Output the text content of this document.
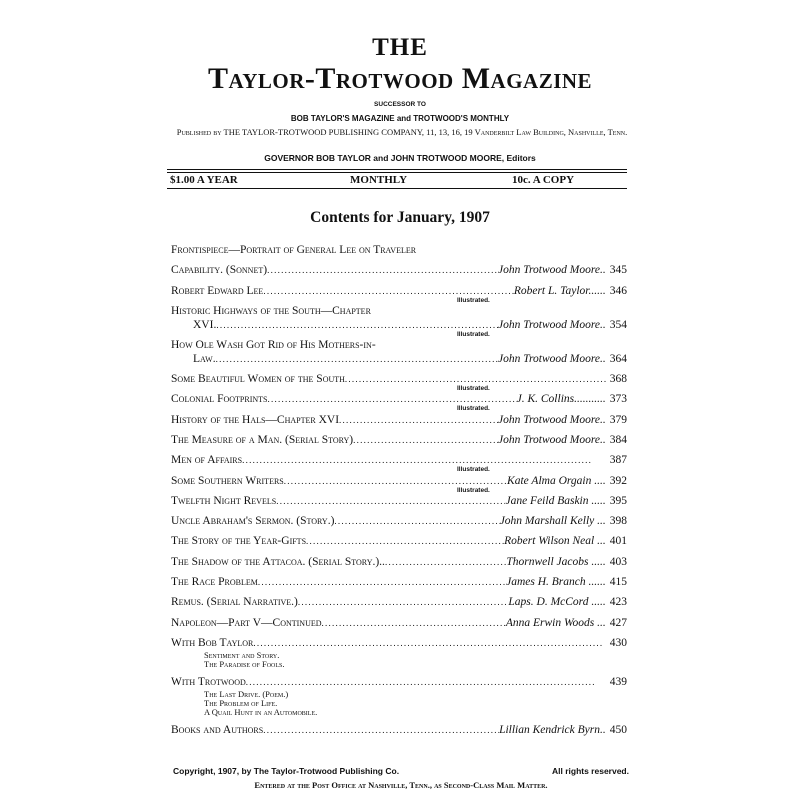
THE
Taylor-Trotwood Magazine
SUCCESSOR TO
BOB TAYLOR'S MAGAZINE and TROTWOOD'S MONTHLY
Published by THE TAYLOR-TROTWOOD PUBLISHING COMPANY, 11, 13, 16, 19 Vanderbilt Law Building, Nashville, Tenn.
GOVERNOR BOB TAYLOR and JOHN TROTWOOD MOORE, Editors
$1.00 A YEAR	MONTHLY	10c. A COPY
Contents for January, 1907
Frontispiece—Portrait of General Lee on Traveler
Capability. (Sonnet) . . .	John Trotwood Moore.. 345
Robert Edward Lee . . .	Robert L. Taylor...... 346
Illustrated.
Historic Highways of the South—Chapter
XVI. . . .	John Trotwood Moore.. 354
Illustrated.
How Ole Wash Got Rid of His Mothers-in-
Law. . . .	John Trotwood Moore.. 364
Some Beautiful Women of the South . . .	368
Illustrated.
Colonial Footprints . . .	J. K. Collins........... 373
Illustrated.
History of the Hals—Chapter XVI . . .	John Trotwood Moore.. 379
The Measure of a Man. (Serial Story) . . .	John Trotwood Moore.. 384
Men of Affairs . . .	387
Illustrated.
Some Southern Writers . . .	Kate Alma Orgain .... 392
Illustrated.
Twelfth Night Revels . . .	Jane Feild Baskin ..... 395
Uncle Abraham's Sermon. (Story.) . . .	John Marshall Kelly ... 398
The Story of the Year-Gifts . . .	Robert Wilson Neal ... 401
The Shadow of the Attacoa. (Serial Story.).. . . .	Thornwell Jacobs ..... 403
The Race Problem . . .	James H. Branch ...... 415
Remus. (Serial Narrative.) . . .	Laps. D. McCord ..... 423
Napoleon—Part V—Continued . . .	Anna Erwin Woods ... 427
With Bob Taylor . . .	430
Sentiment and Story.
The Paradise of Fools.
With Trotwood . . .	439
The Last Drive. (Poem.)
The Problem of Life.
A Quail Hunt in an Automobile.
Books and Authors . . .	Lillian Kendrick Byrn.. 450
Copyright, 1907, by The Taylor-Trotwood Publishing Co.	All rights reserved.
Entered at the Post Office at Nashville, Tenn., as Second-Class Mail Matter.
